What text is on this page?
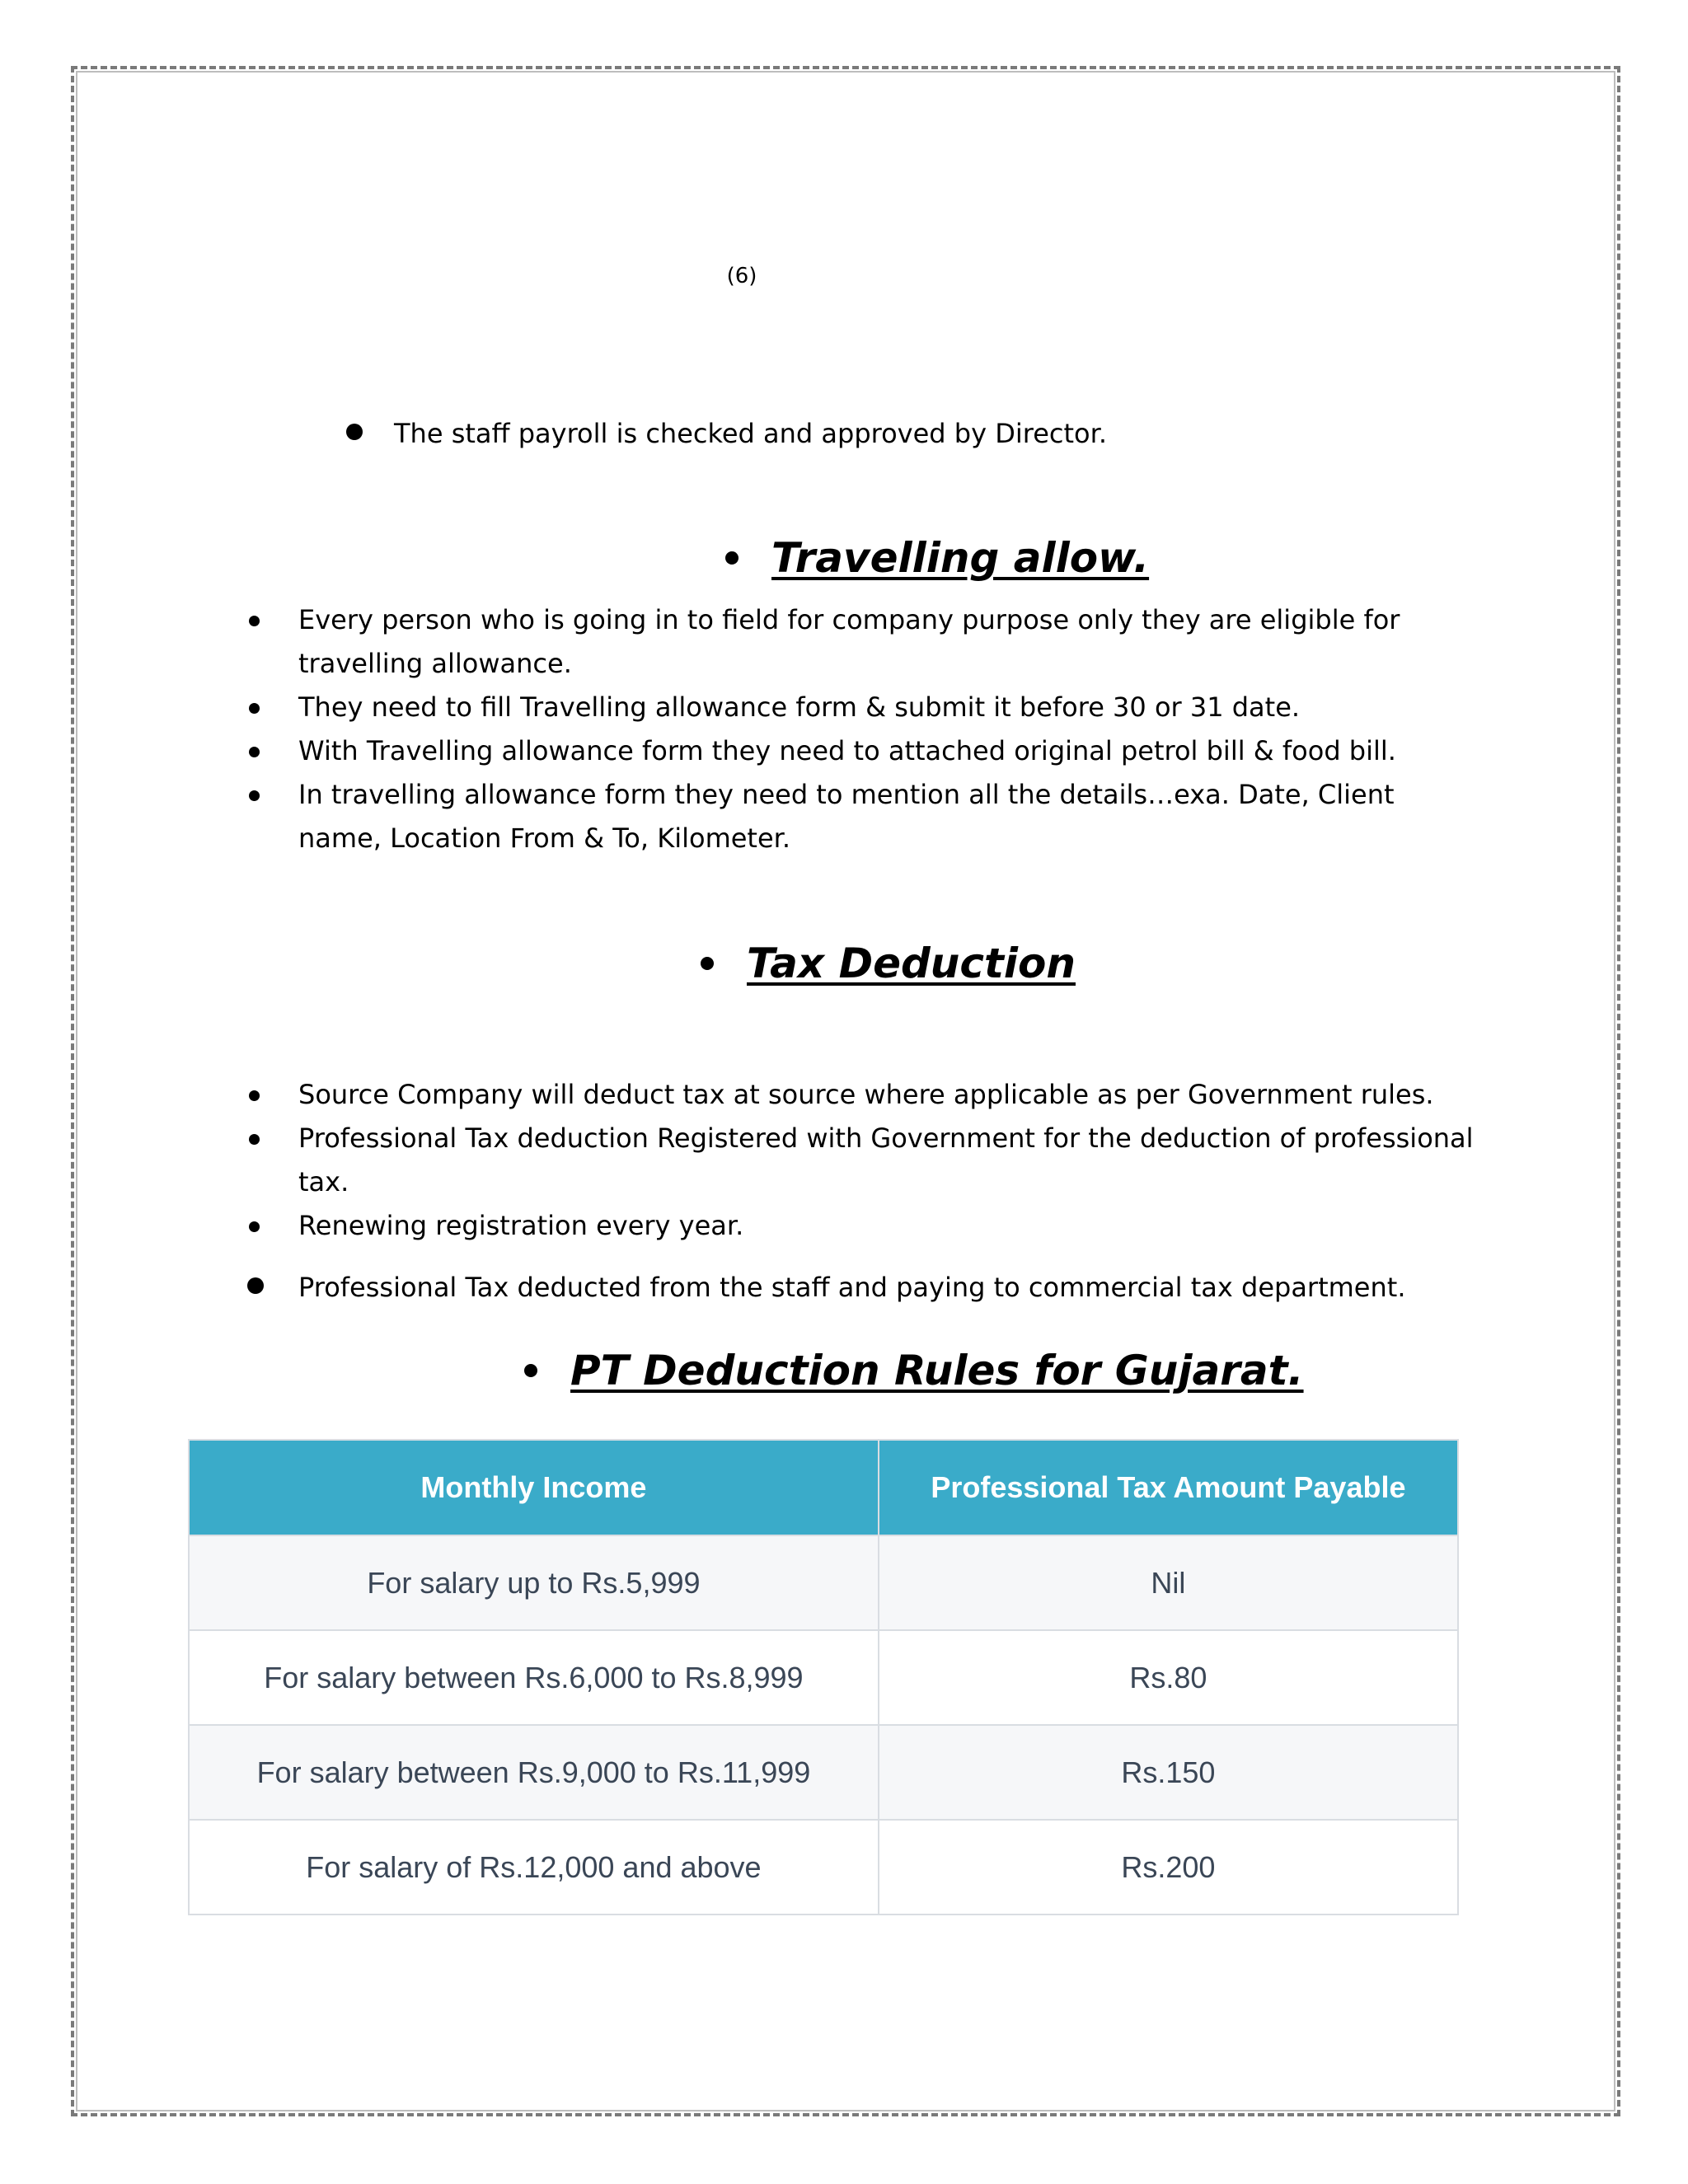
(6)
The staff payroll is checked and approved by Director.
Travelling allow.
Every person who is going in to field for company purpose only they are eligible for travelling allowance.
They need to fill Travelling allowance form & submit it before 30 or 31 date.
With Travelling allowance form they need to attached original petrol bill & food bill.
In travelling allowance form they need to mention all the details…exa. Date, Client name, Location From & To, Kilometer.
Tax Deduction
Source Company will deduct tax at source where applicable as per Government rules.
Professional Tax deduction Registered with Government for the deduction of professional tax.
Renewing registration every year.
Professional Tax deducted from the staff and paying to commercial tax department.
PT Deduction Rules for Gujarat.
Monthly Income	Professional Tax Amount Payable
For salary up to Rs.5,999	Nil
For salary between Rs.6,000 to Rs.8,999	Rs.80
For salary between Rs.9,000 to Rs.11,999	Rs.150
For salary of Rs.12,000 and above	Rs.200
